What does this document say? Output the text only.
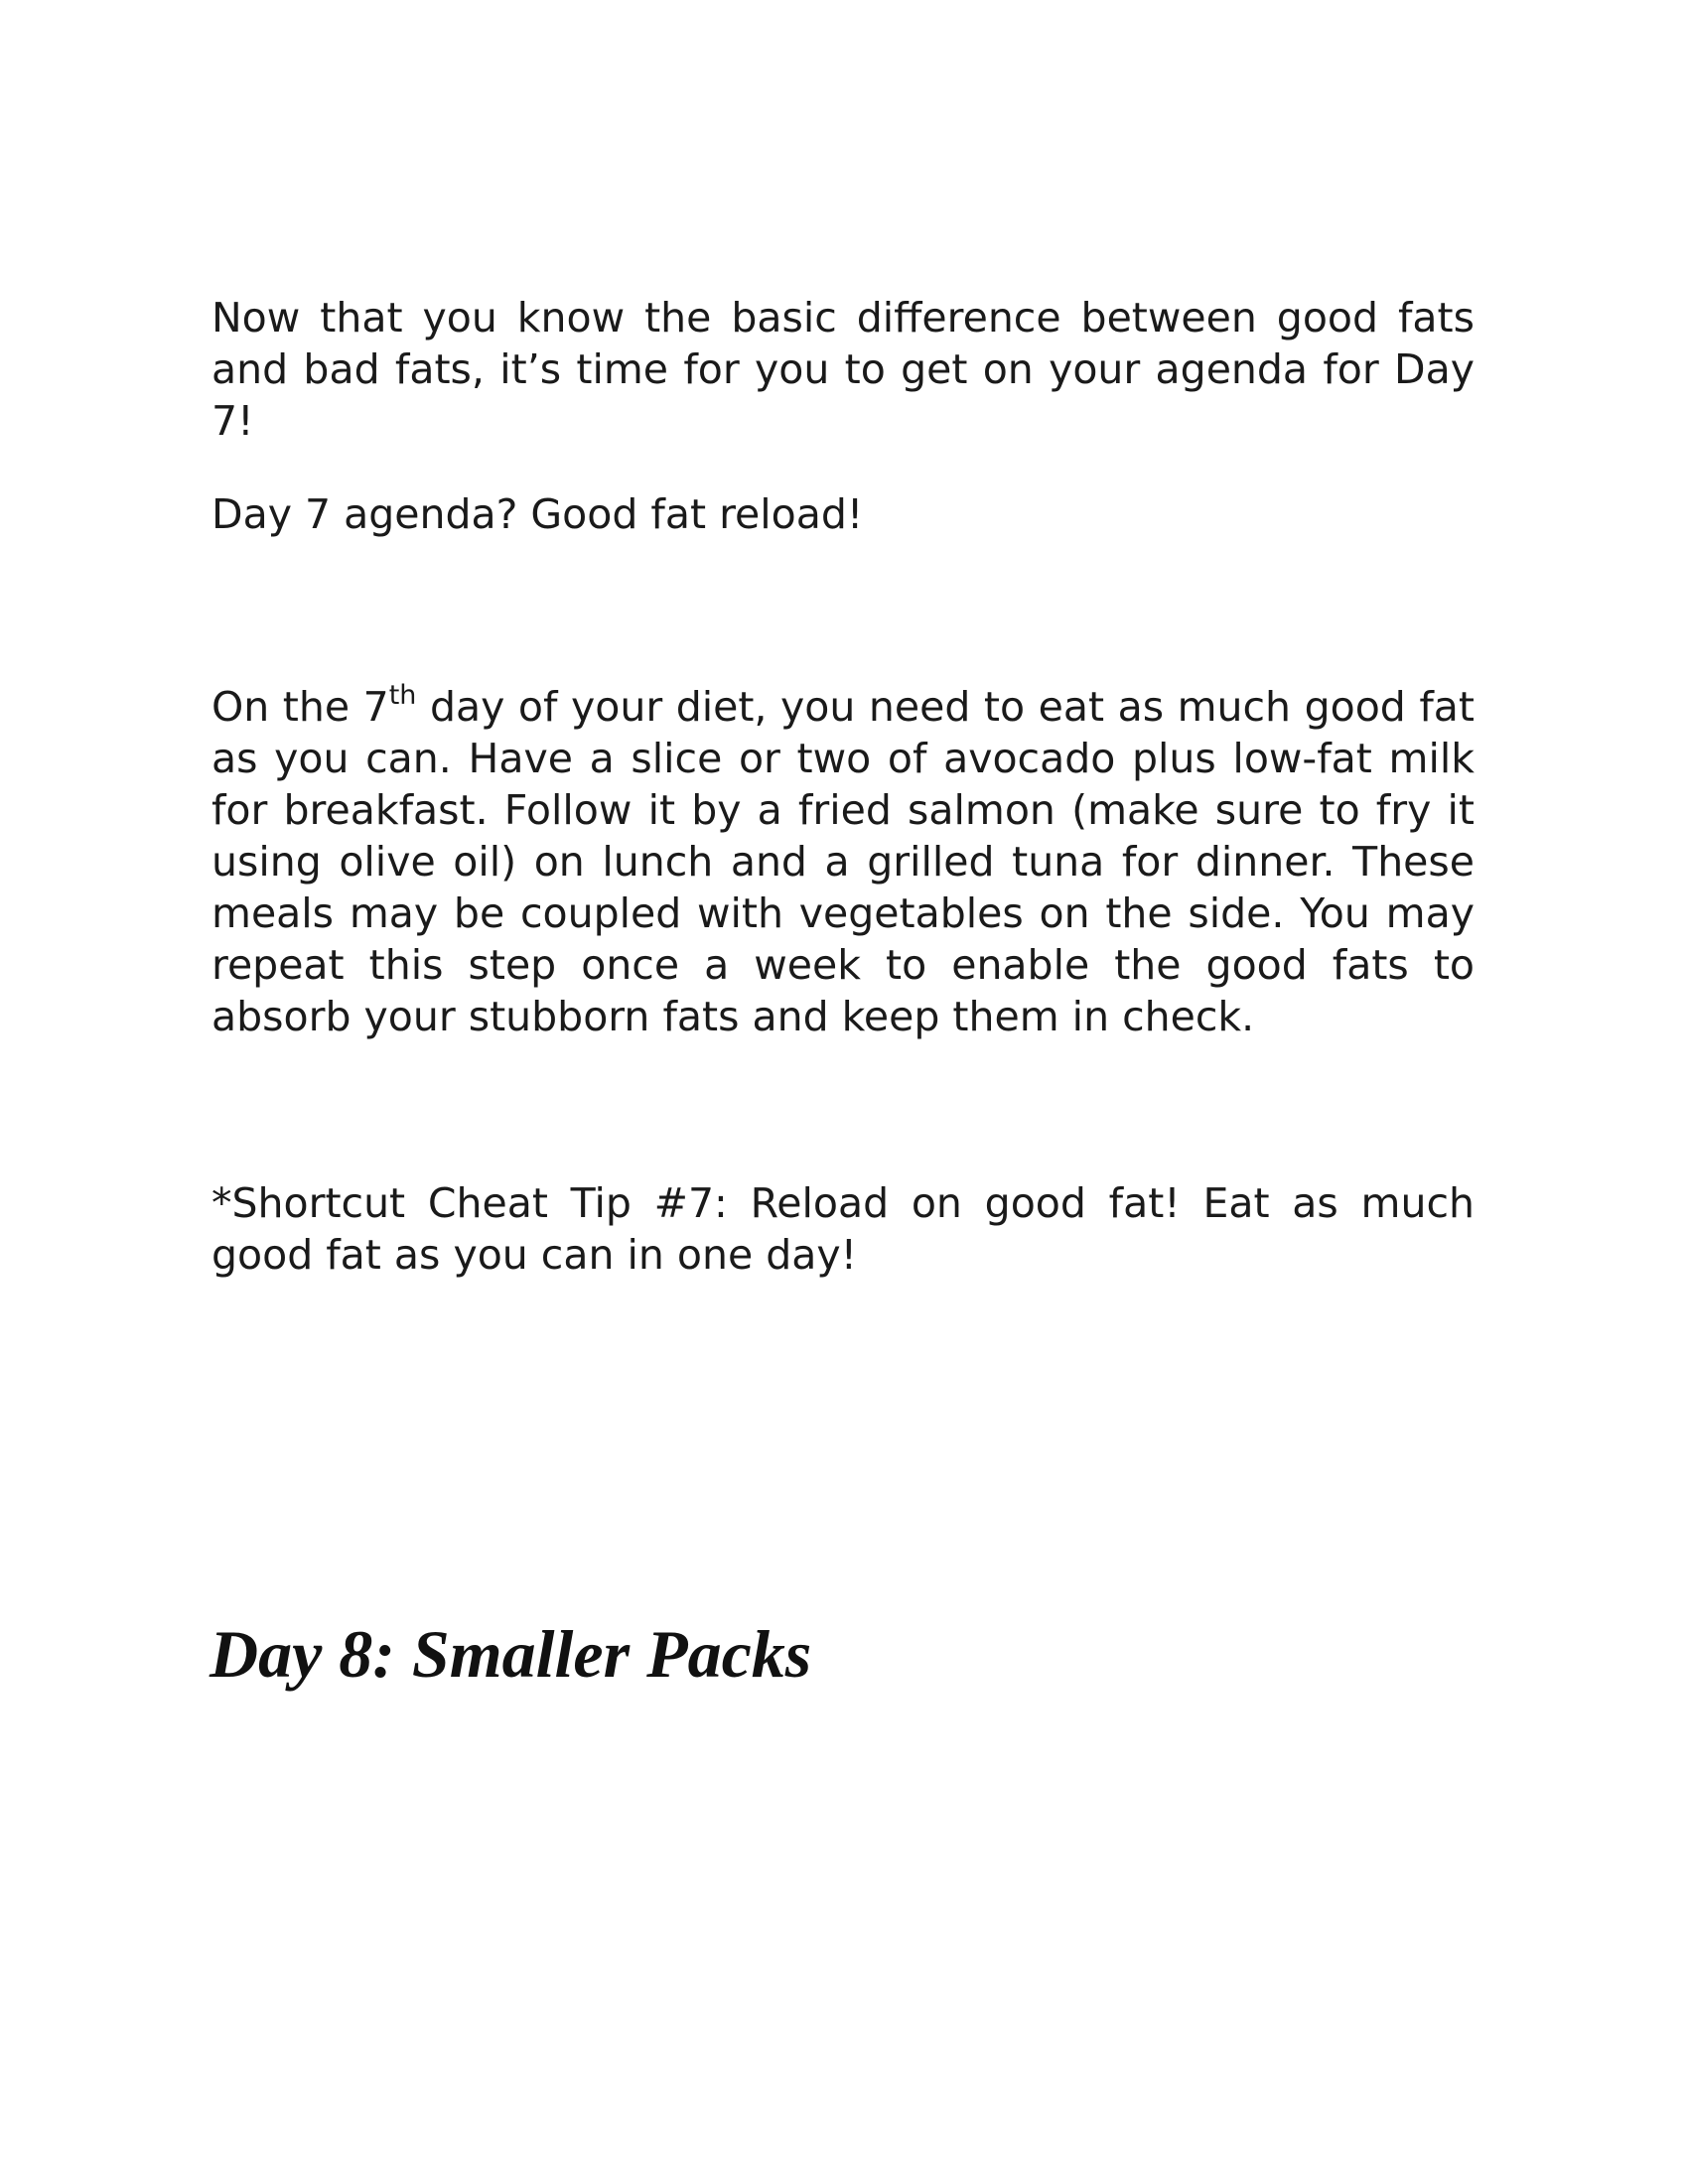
Now that you know the basic difference between good fats and bad fats, it’s time for you to get on your agenda for Day 7!

Day 7 agenda? Good fat reload!

On the 7th day of your diet, you need to eat as much good fat as you can. Have a slice or two of avocado plus low-fat milk for breakfast. Follow it by a fried salmon (make sure to fry it using olive oil) on lunch and a grilled tuna for dinner. These meals may be coupled with vegetables on the side. You may repeat this step once a week to enable the good fats to absorb your stubborn fats and keep them in check.

*Shortcut Cheat Tip #7: Reload on good fat! Eat as much good fat as you can in one day!

Day 8: Smaller Packs
